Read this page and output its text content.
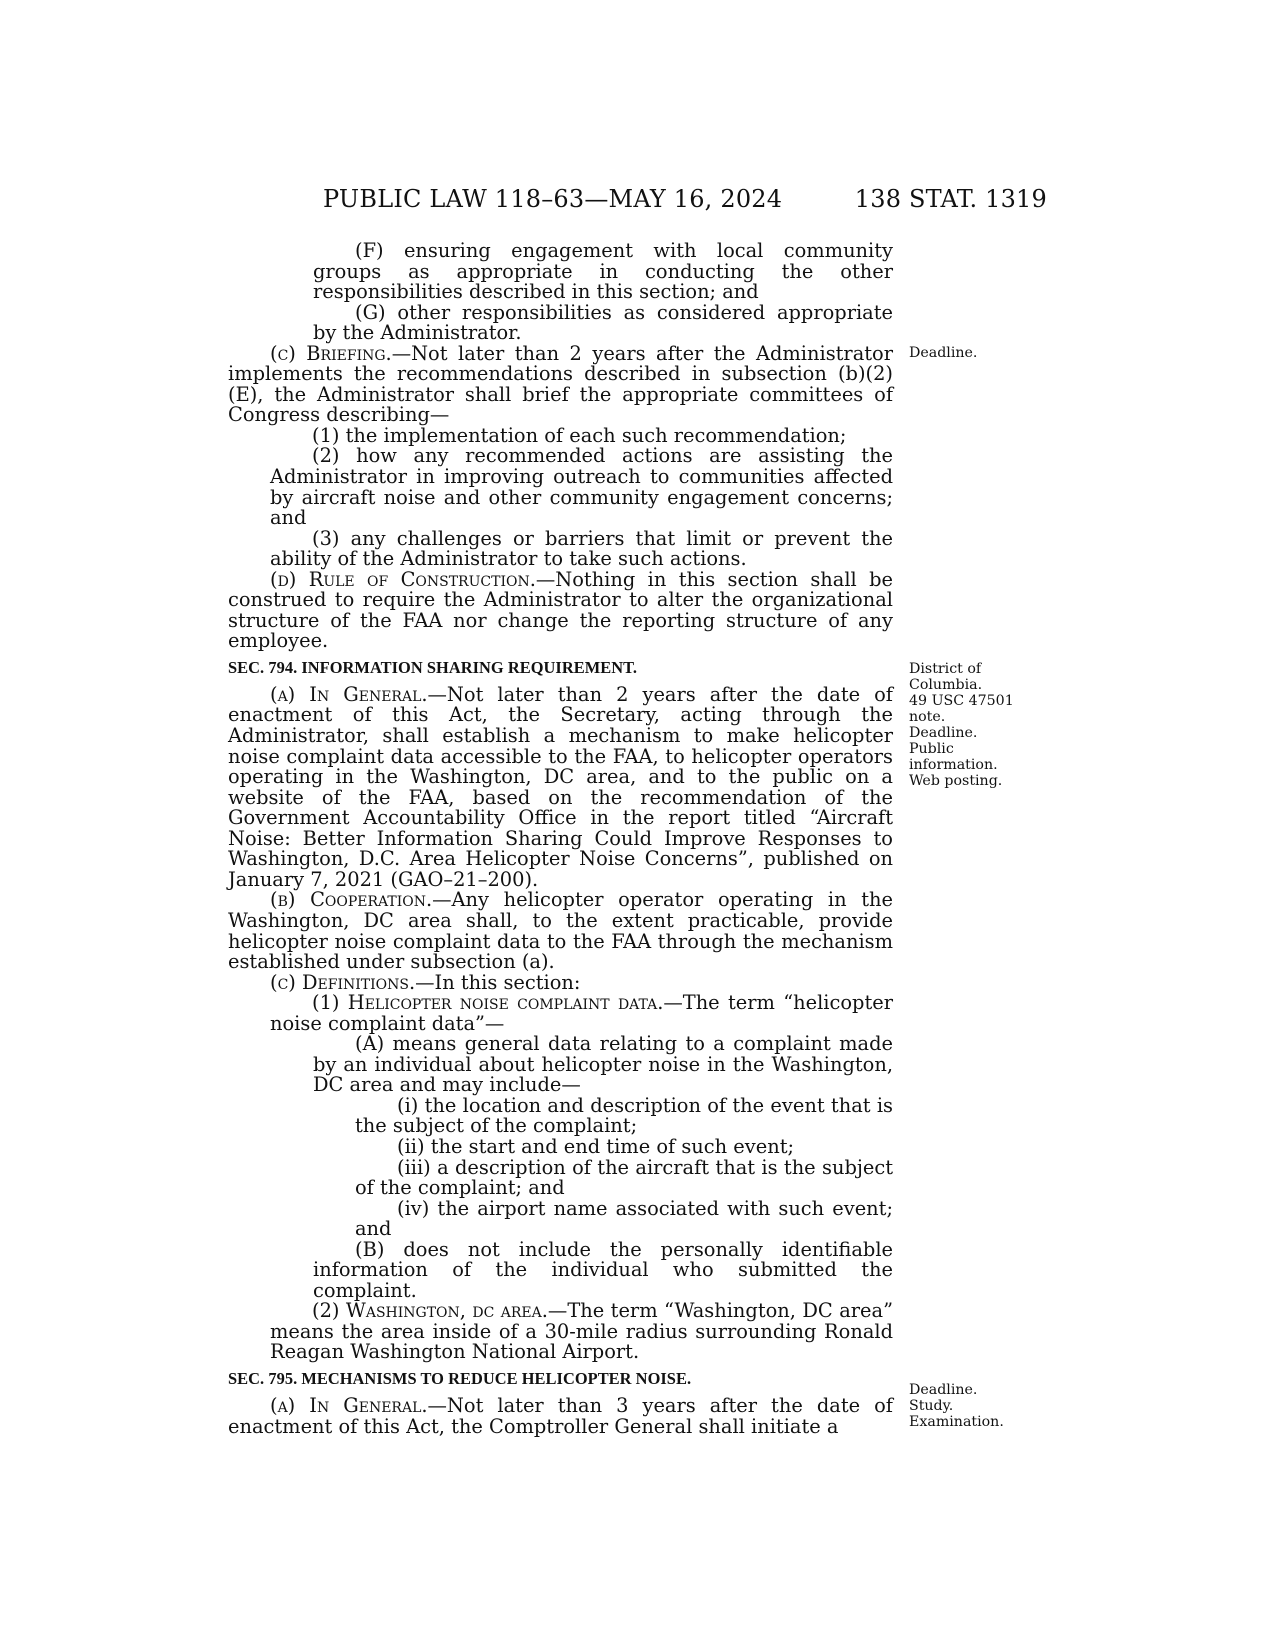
PUBLIC LAW 118–63—MAY 16, 2024	138 STAT. 1319

(F) ensuring engagement with local community groups as appropriate in conducting the other responsibilities described in this section; and

(G) other responsibilities as considered appropriate by the Administrator.

(c) Briefing.—Not later than 2 years after the Administrator implements the recommendations described in subsection (b)(2)(E), the Administrator shall brief the appropriate committees of Congress describing—

(1) the implementation of each such recommendation;

(2) how any recommended actions are assisting the Administrator in improving outreach to communities affected by aircraft noise and other community engagement concerns; and

(3) any challenges or barriers that limit or prevent the ability of the Administrator to take such actions.

(d) Rule of Construction.—Nothing in this section shall be construed to require the Administrator to alter the organizational structure of the FAA nor change the reporting structure of any employee.

SEC. 794. INFORMATION SHARING REQUIREMENT.

(a) In General.—Not later than 2 years after the date of enactment of this Act, the Secretary, acting through the Administrator, shall establish a mechanism to make helicopter noise complaint data accessible to the FAA, to helicopter operators operating in the Washington, DC area, and to the public on a website of the FAA, based on the recommendation of the Government Accountability Office in the report titled “Aircraft Noise: Better Information Sharing Could Improve Responses to Washington, D.C. Area Helicopter Noise Concerns”, published on January 7, 2021 (GAO–21–200).

(b) Cooperation.—Any helicopter operator operating in the Washington, DC area shall, to the extent practicable, provide helicopter noise complaint data to the FAA through the mechanism established under subsection (a).

(c) Definitions.—In this section:

(1) Helicopter noise complaint data.—The term “helicopter noise complaint data”—

(A) means general data relating to a complaint made by an individual about helicopter noise in the Washington, DC area and may include—

(i) the location and description of the event that is the subject of the complaint;

(ii) the start and end time of such event;

(iii) a description of the aircraft that is the subject of the complaint; and

(iv) the airport name associated with such event; and

(B) does not include the personally identifiable information of the individual who submitted the complaint.

(2) Washington, dc area.—The term “Washington, DC area” means the area inside of a 30-mile radius surrounding Ronald Reagan Washington National Airport.

SEC. 795. MECHANISMS TO REDUCE HELICOPTER NOISE.

(a) In General.—Not later than 3 years after the date of enactment of this Act, the Comptroller General shall initiate a

Deadline.
District of
Columbia.
49 USC 47501
note.
Deadline.
Public
information.
Web posting.
Deadline.
Study.
Examination.
